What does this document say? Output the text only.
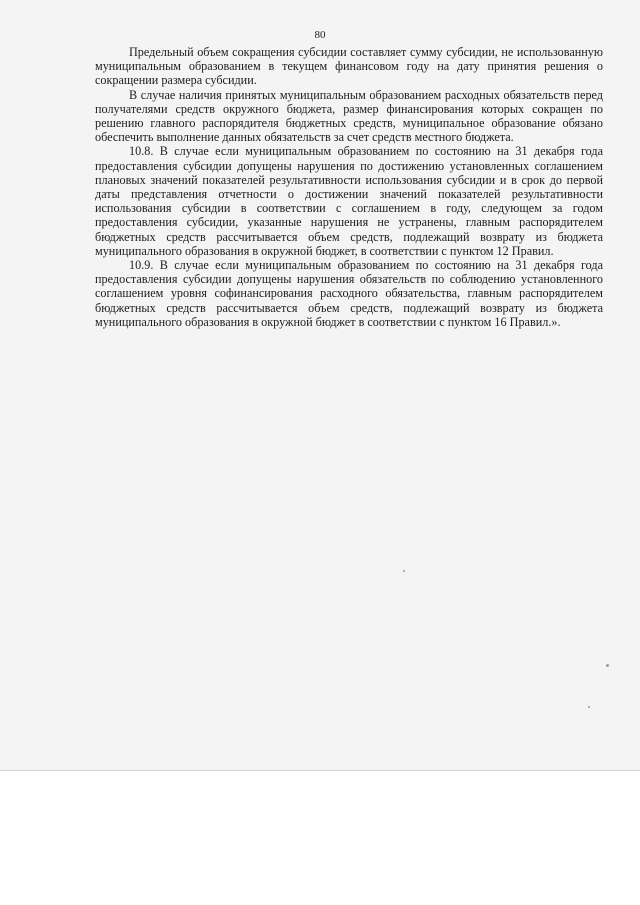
80

Предельный объем сокращения субсидии составляет сумму субсидии, не использованную муниципальным образованием в текущем финансовом году на дату принятия решения о сокращении размера субсидии.

В случае наличия принятых муниципальным образованием расходных обязательств перед получателями средств окружного бюджета, размер финансирования которых сокращен по решению главного распорядителя бюджетных средств, муниципальное образование обязано обеспечить выполнение данных обязательств за счет средств местного бюджета.

10.8. В случае если муниципальным образованием по состоянию на 31 декабря года предоставления субсидии допущены нарушения по достижению установленных соглашением плановых значений показателей результативности использования субсидии и в срок до первой даты представления отчетности о достижении значений показателей результативности использования субсидии в соответствии с соглашением в году, следующем за годом предоставления субсидии, указанные нарушения не устранены, главным распорядителем бюджетных средств рассчитывается объем средств, подлежащий возврату из бюджета муниципального образования в окружной бюджет, в соответствии с пунктом 12 Правил.

10.9. В случае если муниципальным образованием по состоянию на 31 декабря года предоставления субсидии допущены нарушения обязательств по соблюдению установленного соглашением уровня софинансирования расходного обязательства, главным распорядителем бюджетных средств рассчитывается объем средств, подлежащий возврату из бюджета муниципального образования в окружной бюджет в соответствии с пунктом 16 Правил.».
